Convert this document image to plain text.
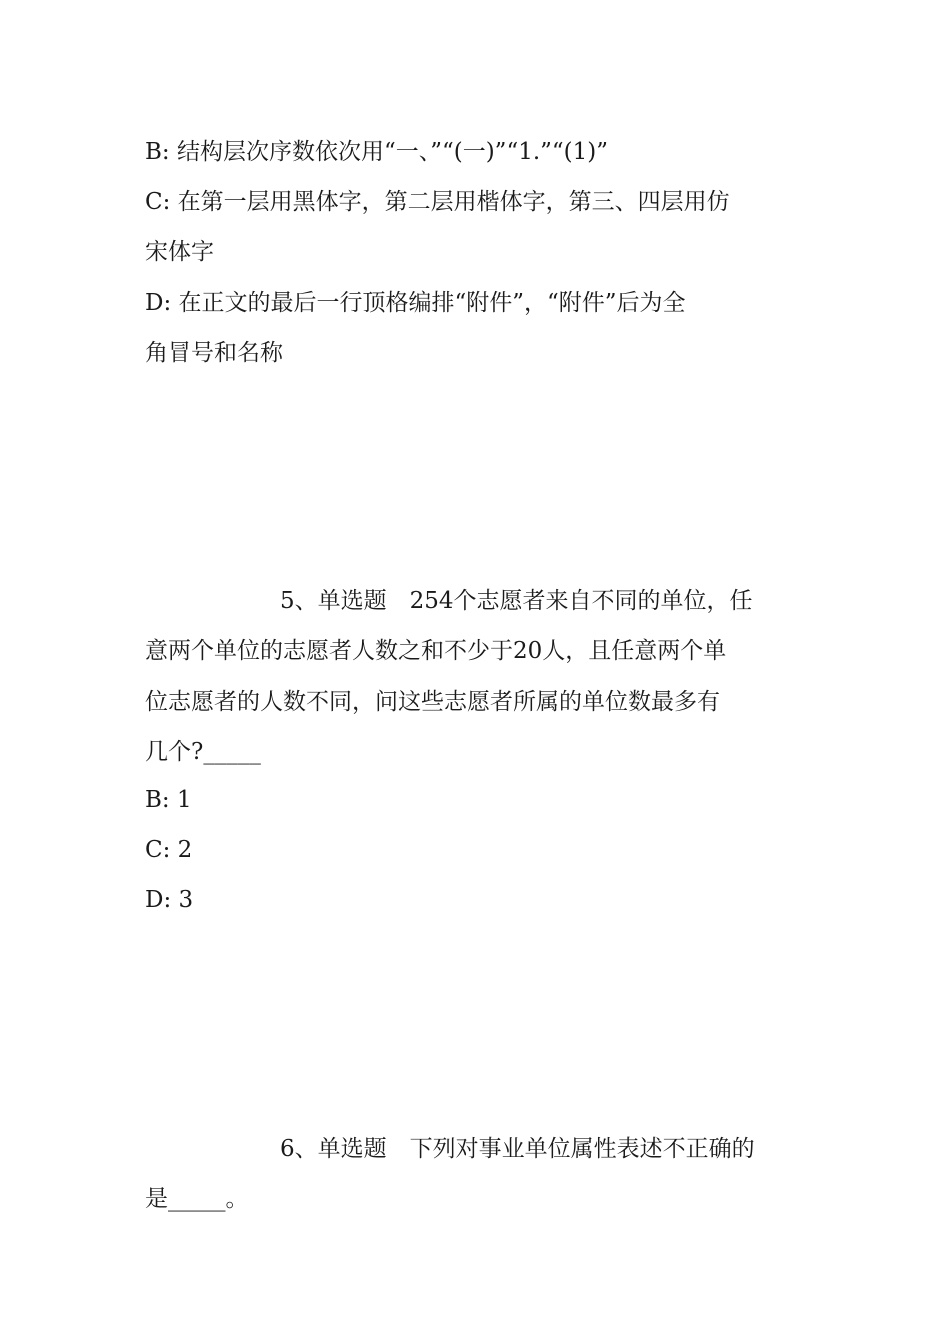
B: 结构层次序数依次用“一、”“(一)”“1.”“(1)”
C: 在第一层用黑体字，第二层用楷体字，第三、四层用仿
宋体字
D: 在正文的最后一行顶格编排“附件”，“附件”后为全
角冒号和名称
5、单选题　254个志愿者来自不同的单位，任
意两个单位的志愿者人数之和不少于20人，且任意两个单
位志愿者的人数不同，问这些志愿者所属的单位数最多有
几个?_____
B: 1
C: 2
D: 3
6、单选题　下列对事业单位属性表述不正确的
是_____。
